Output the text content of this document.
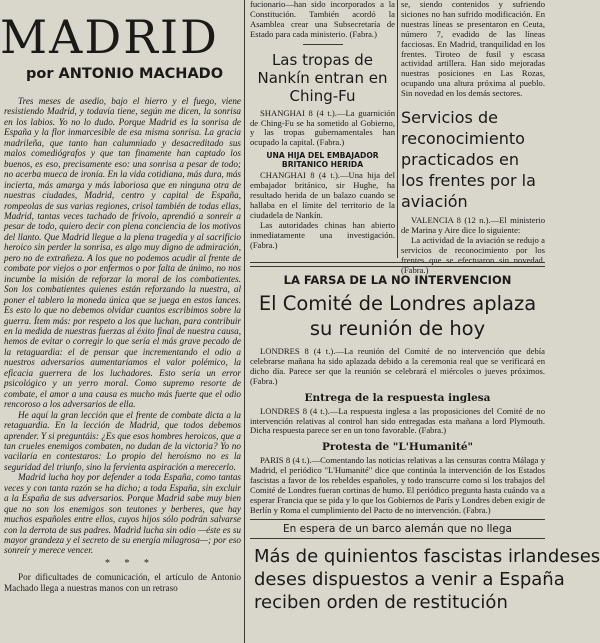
MADRID
por ANTONIO MACHADO

Tres meses de asedio, bajo el hierro y el fuego, viene resistiendo Madrid, y todavía tiene, según me dicen, la sonrisa en los labios. Yo no lo dudo. Porque Madrid es la sonrisa de España y la flor inmarcesible de esa misma sonrisa. La gracia madrileña, que tanto han calumniado y desacreditado sus malos comediógrafos y que tan finamente han captado los buenos, es eso, precisamente eso: una sonrisa a pesar de todo; no acerba mueca de ironía. En la vida cotidiana, más dura, más incierta, más amarga y más laboriosa que en ninguna otra de nuestras ciudades, Madrid, centro y capital de España, rompeolas de sus varias regiones, crisol también de todas ellas, Madrid, tantas veces tachado de frívolo, aprendió a sonreír a pesar de todo, quiero decir con plena conciencia de los motivos del llanto. Que Madrid llegue a la plena tragedia y al sacrificio heroico sin perder la sonrisa, es algo muy digno de admiración, pero no de extrañeza. A los que no podemos acudir al frente de combate por viejos o por enfermos o por falta de ánimo, no nos incumbe la misión de reforzar la moral de los combatientes. Son los combatientes quienes están reforzando la nuestra, al poner el tablero la moneda única que se juega en estos lances. Es esto lo que no debemos olvidar cuantos escribimos sobre la guerra. Ítem más: por respeto a los que luchan, para contribuir en la medida de nuestras fuerzas al éxito final de nuestra causa, hemos de evitar o corregir lo que sería el más grave pecado de la retaguardia: el de pensar que incrementando el odio a nuestros adversarios aumentaríamos el valor polémico, la eficacia guerrera de los luchadores. Esto sería un error psicológico y un yerro moral. Como supremo resorte de combate, el amor a una causa es mucho más fuerte que el odio rencoroso a los adversarios de ella.

He aquí la gran lección que el frente de combate dicta a la retaguardia. En la lección de Madrid, que todos debemos aprender. Y si preguntáis: ¿Es que esos hombres heroicos, que a tan crueles enemigos combaten, no dudan de la victoria? Yo no vacilaría en contestaros: Lo propio del heroísmo no es la seguridad del triunfo, sino la fervienta aspiración a merecerlo.

Madrid lucha hoy por defender a toda España, como tantas veces y con tanta razón se ha dicho; a toda España, sin excluir a la España de sus adversarios. Porque Madrid sabe muy bien que no son los enemigos son teutones y berberes, que hay muchos españoles entre ellos, cuyos hijos sólo podrán salvarse con la derrota de sus padres. Madrid lucha sin odio —éste es su mayor grandeza y el secreto de su energía milagrosa—; por eso sonreír y merece vencer.

* * *

Por dificultades de comunicación, el artículo de Antonio Machado llega a nuestras manos con un retraso

fucionario—han sido incorporados a la Constitución. También acordó la Asamblea crear una Subsecretaría de Estado para cada ministerio. (Fabra.)

Las tropas de Nankín entran en Ching-Fu

SHANGHAI 8 (4 t.).—La guarnición de Ching-Fu se ha sometido al Gobierno, y las tropas gubernamentales han ocupado la capital. (Fabra.)

UNA HIJA DEL EMBAJADOR BRITANICO HERIDA

CHANGHAI 8 (4 t.).—Una hija del embajador británico, sir Hughe, ha resultado herida de un balazo cuando se hallaba en el límite del territorio de la ciudadela de Nankín.

Las autoridades chinas han abierto inmediatamente una investigación. (Fabra.)

se, siendo contenidos y sufriendo siciones no han sufrido modificación. En nuestras líneas se presentaron en Ceuta, número 7, evadido de las líneas facciosas. En Madrid, tranquilidad en los frentes. Tiroteo de fusil y escasa actividad artillera. Han sido mejoradas nuestras posiciones en Las Rozas, ocupando una altura próxima al pueblo. Sin novedad en los demás sectores.

Servicios de reconocimiento practicados en los frentes por la aviación

VALENCIA 8 (12 n.).—El ministerio de Marina y Aire dice lo siguiente:

La actividad de la aviación se redujo a servicios de reconocimiento por los frentes que se efectuaron sin novedad. (Fabra.)

LA FARSA DE LA NO INTERVENCION
El Comité de Londres aplaza su reunión de hoy

LONDRES 8 (4 t.).—La reunión del Comité de no intervención que debía celebrarse mañana ha sido aplazada debido a la ceremonia real que se verificará en dicho día. Parece ser que la reunión se celebrará el miércoles o jueves próximos. (Fabra.)

Entrega de la respuesta inglesa

LONDRES 8 (4 t.).—La respuesta inglesa a las proposiciones del Comité de no intervención relativas al control han sido entregadas esta mañana a lord Plymouth. Dicha respuesta parece ser en un tono favorable. (Fabra.)

Protesta de "L'Humanité"

PARIS 8 (4 t.).—Comentando las noticias relativas a las censuras contra Málaga y Madrid, el periódico "L'Humanité" dice que continúa la intervención de los Estados fascistas a favor de los rebeldes españoles, y todo transcurre como si los trabajos del Comité de Londres fueran cortinas de humo. El periódico pregunta hasta cuándo va a esperar Francia que se pida y lo que los Gobiernos de París y Londres deben exigir de Berlín y Roma el cumplimiento del Pacto de no intervención. (Fabra.)

En espera de un barco alemán que no llega
Más de quinientos fascistas irlandeses
deses dispuestos a venir a España
reciben orden de restitución
